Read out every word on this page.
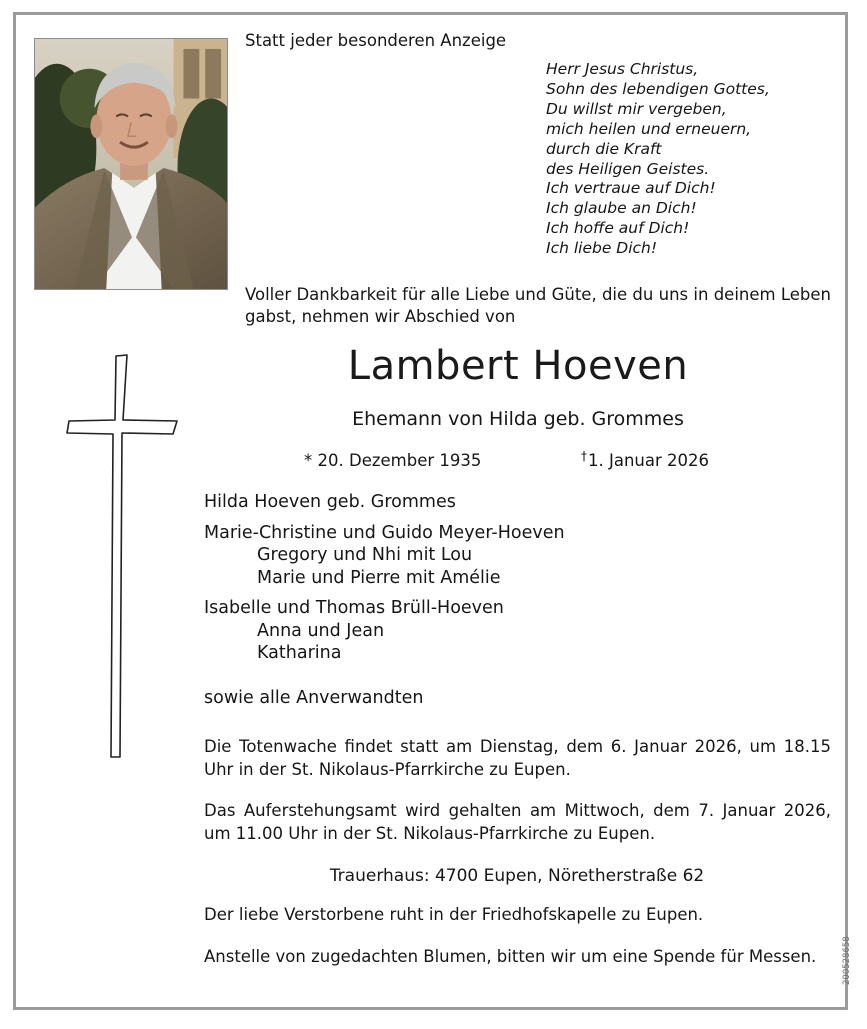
Statt jeder besonderen Anzeige

Herr Jesus Christus,
Sohn des lebendigen Gottes,
Du willst mir vergeben,
mich heilen und erneuern,
durch die Kraft
des Heiligen Geistes.
Ich vertraue auf Dich!
Ich glaube an Dich!
Ich hoffe auf Dich!
Ich liebe Dich!

Voller Dankbarkeit für alle Liebe und Güte, die du uns in deinem Leben gabst, nehmen wir Abschied von

Lambert Hoeven

Ehemann von Hilda geb. Grommes

* 20. Dezember 1935	†1. Januar 2026

Hilda Hoeven geb. Grommes
Marie-Christine und Guido Meyer-Hoeven
Gregory und Nhi mit Lou
Marie und Pierre mit Amélie
Isabelle und Thomas Brüll-Hoeven
Anna und Jean
Katharina

sowie alle Anverwandten

Die Totenwache findet statt am Dienstag, dem 6. Januar 2026, um 18.15 Uhr in der St. Nikolaus-Pfarrkirche zu Eupen.

Das Auferstehungsamt wird gehalten am Mittwoch, dem 7. Januar 2026, um 11.00 Uhr in der St. Nikolaus-Pfarrkirche zu Eupen.

Trauerhaus: 4700 Eupen, Nöretherstraße 62

Der liebe Verstorbene ruht in der Friedhofskapelle zu Eupen.

Anstelle von zugedachten Blumen, bitten wir um eine Spende für Messen.	200528658
